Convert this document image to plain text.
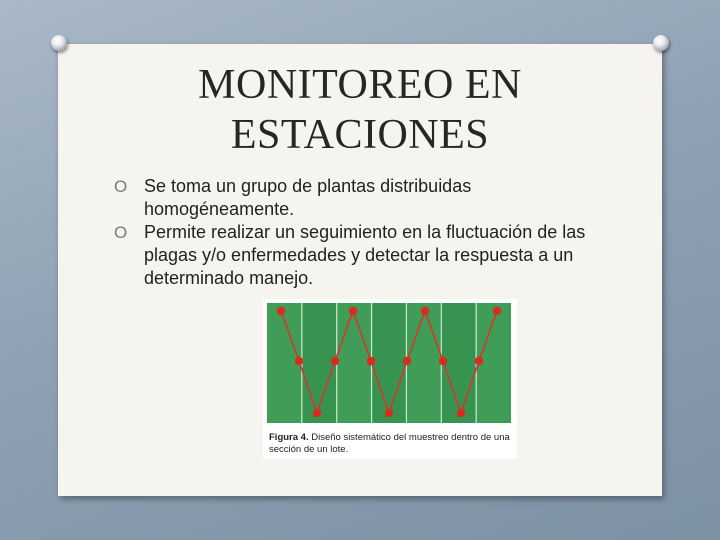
MONITOREO EN
ESTACIONES
O Se toma un grupo de plantas distribuidas homogéneamente.
O Permite realizar un seguimiento en la fluctuación de las plagas y/o enfermedades y detectar la respuesta a un determinado manejo.
Figura 4. Diseño sistemático del muestreo dentro de una sección de un lote.
